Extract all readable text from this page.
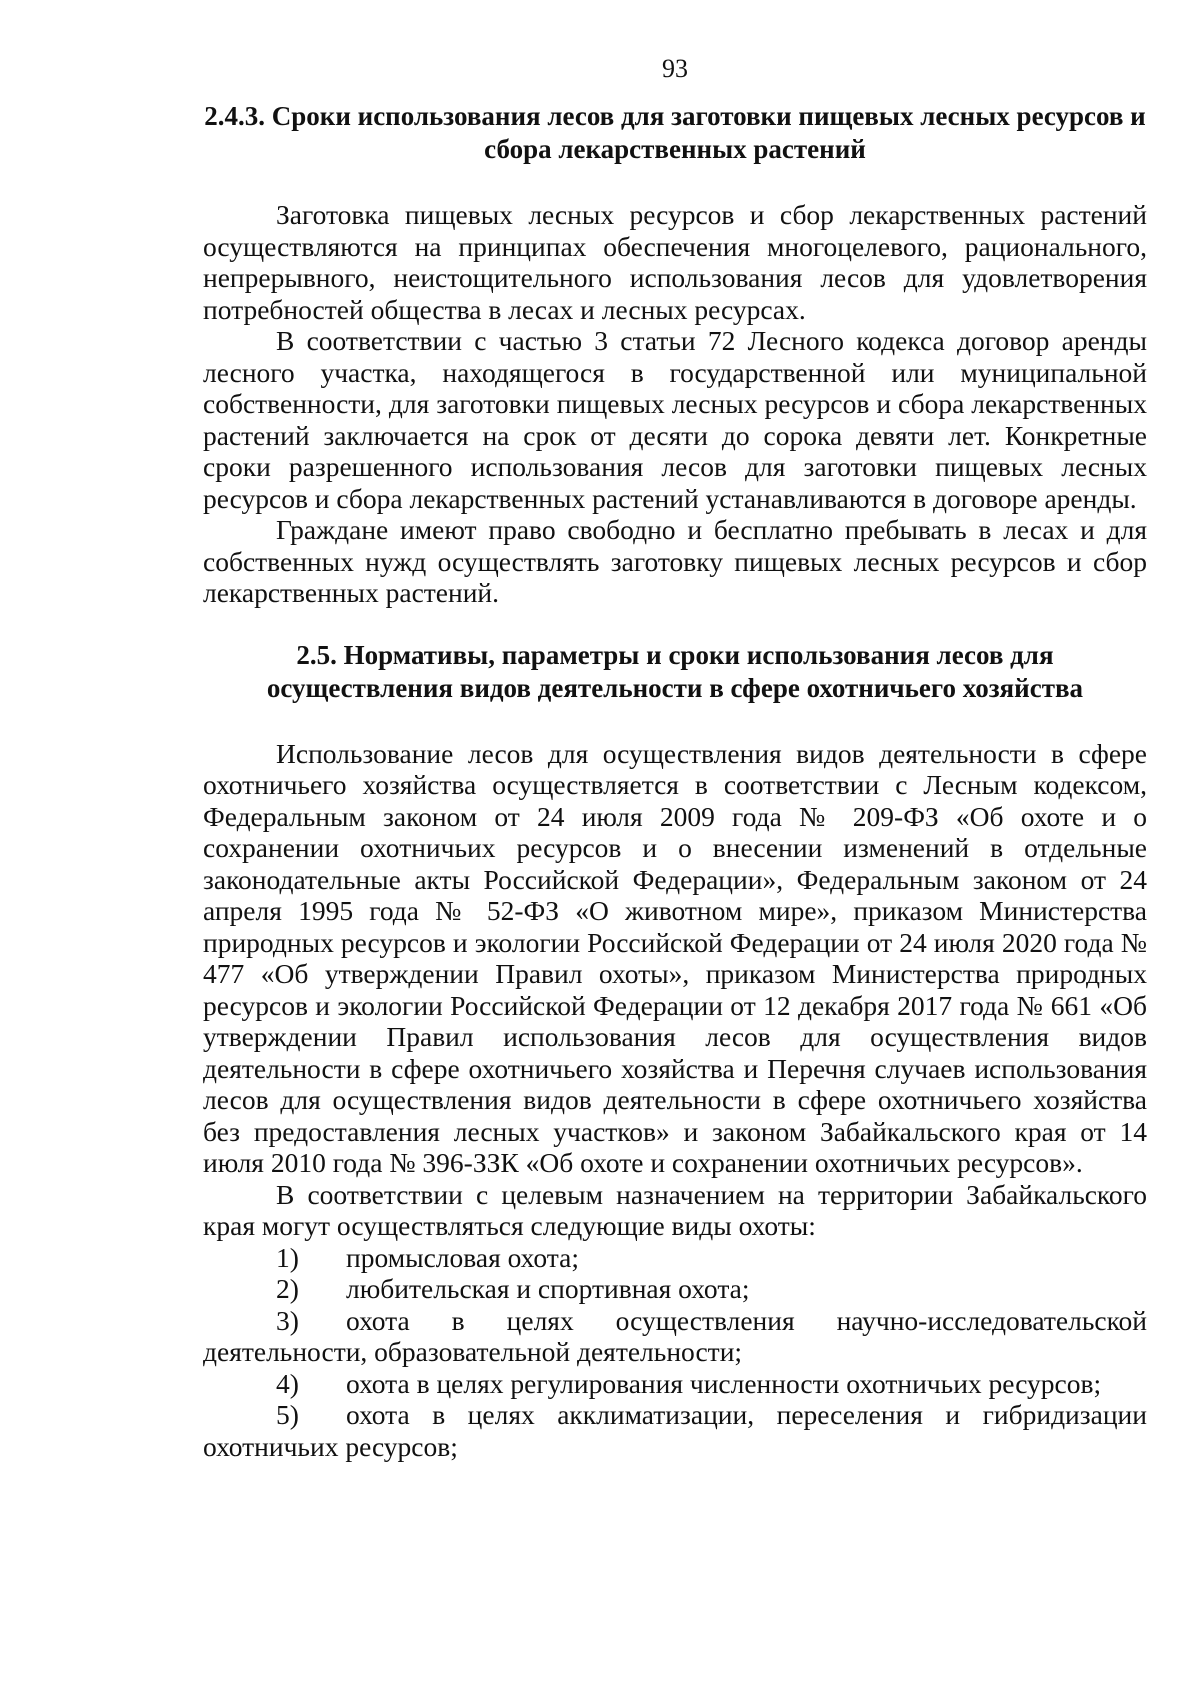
93
2.4.3. Сроки использования лесов для заготовки пищевых лесных ресурсов и сбора лекарственных растений

Заготовка пищевых лесных ресурсов и сбор лекарственных растений осуществляются на принципах обеспечения многоцелевого, рационального, непрерывного, неистощительного использования лесов для удовлетворения потребностей общества в лесах и лесных ресурсах.

В соответствии с частью 3 статьи 72 Лесного кодекса договор аренды лесного участка, находящегося в государственной или муниципальной собственности, для заготовки пищевых лесных ресурсов и сбора лекарственных растений заключается на срок от десяти до сорока девяти лет. Конкретные сроки разрешенного использования лесов для заготовки пищевых лесных ресурсов и сбора лекарственных растений устанавливаются в договоре аренды.

Граждане имеют право свободно и бесплатно пребывать в лесах и для собственных нужд осуществлять заготовку пищевых лесных ресурсов и сбор лекарственных растений.

2.5. Нормативы, параметры и сроки использования лесов для осуществления видов деятельности в сфере охотничьего хозяйства

Использование лесов для осуществления видов деятельности в сфере охотничьего хозяйства осуществляется в соответствии с Лесным кодексом, Федеральным законом от 24 июля 2009 года № 209-ФЗ «Об охоте и о сохранении охотничьих ресурсов и о внесении изменений в отдельные законодательные акты Российской Федерации», Федеральным законом от 24 апреля 1995 года № 52-ФЗ «О животном мире», приказом Министерства природных ресурсов и экологии Российской Федерации от 24 июля 2020 года № 477 «Об утверждении Правил охоты», приказом Министерства природных ресурсов и экологии Российской Федерации от 12 декабря 2017 года № 661 «Об утверждении Правил использования лесов для осуществления видов деятельности в сфере охотничьего хозяйства и Перечня случаев использования лесов для осуществления видов деятельности в сфере охотничьего хозяйства без предоставления лесных участков» и законом Забайкальского края от 14 июля 2010 года № 396-ЗЗК «Об охоте и сохранении охотничьих ресурсов».

В соответствии с целевым назначением на территории Забайкальского края могут осуществляться следующие виды охоты:

1) промысловая охота;

2) любительская и спортивная охота;

3) охота в целях осуществления научно-исследовательской деятельности, образовательной деятельности;

4) охота в целях регулирования численности охотничьих ресурсов;

5) охота в целях акклиматизации, переселения и гибридизации охотничьих ресурсов;
